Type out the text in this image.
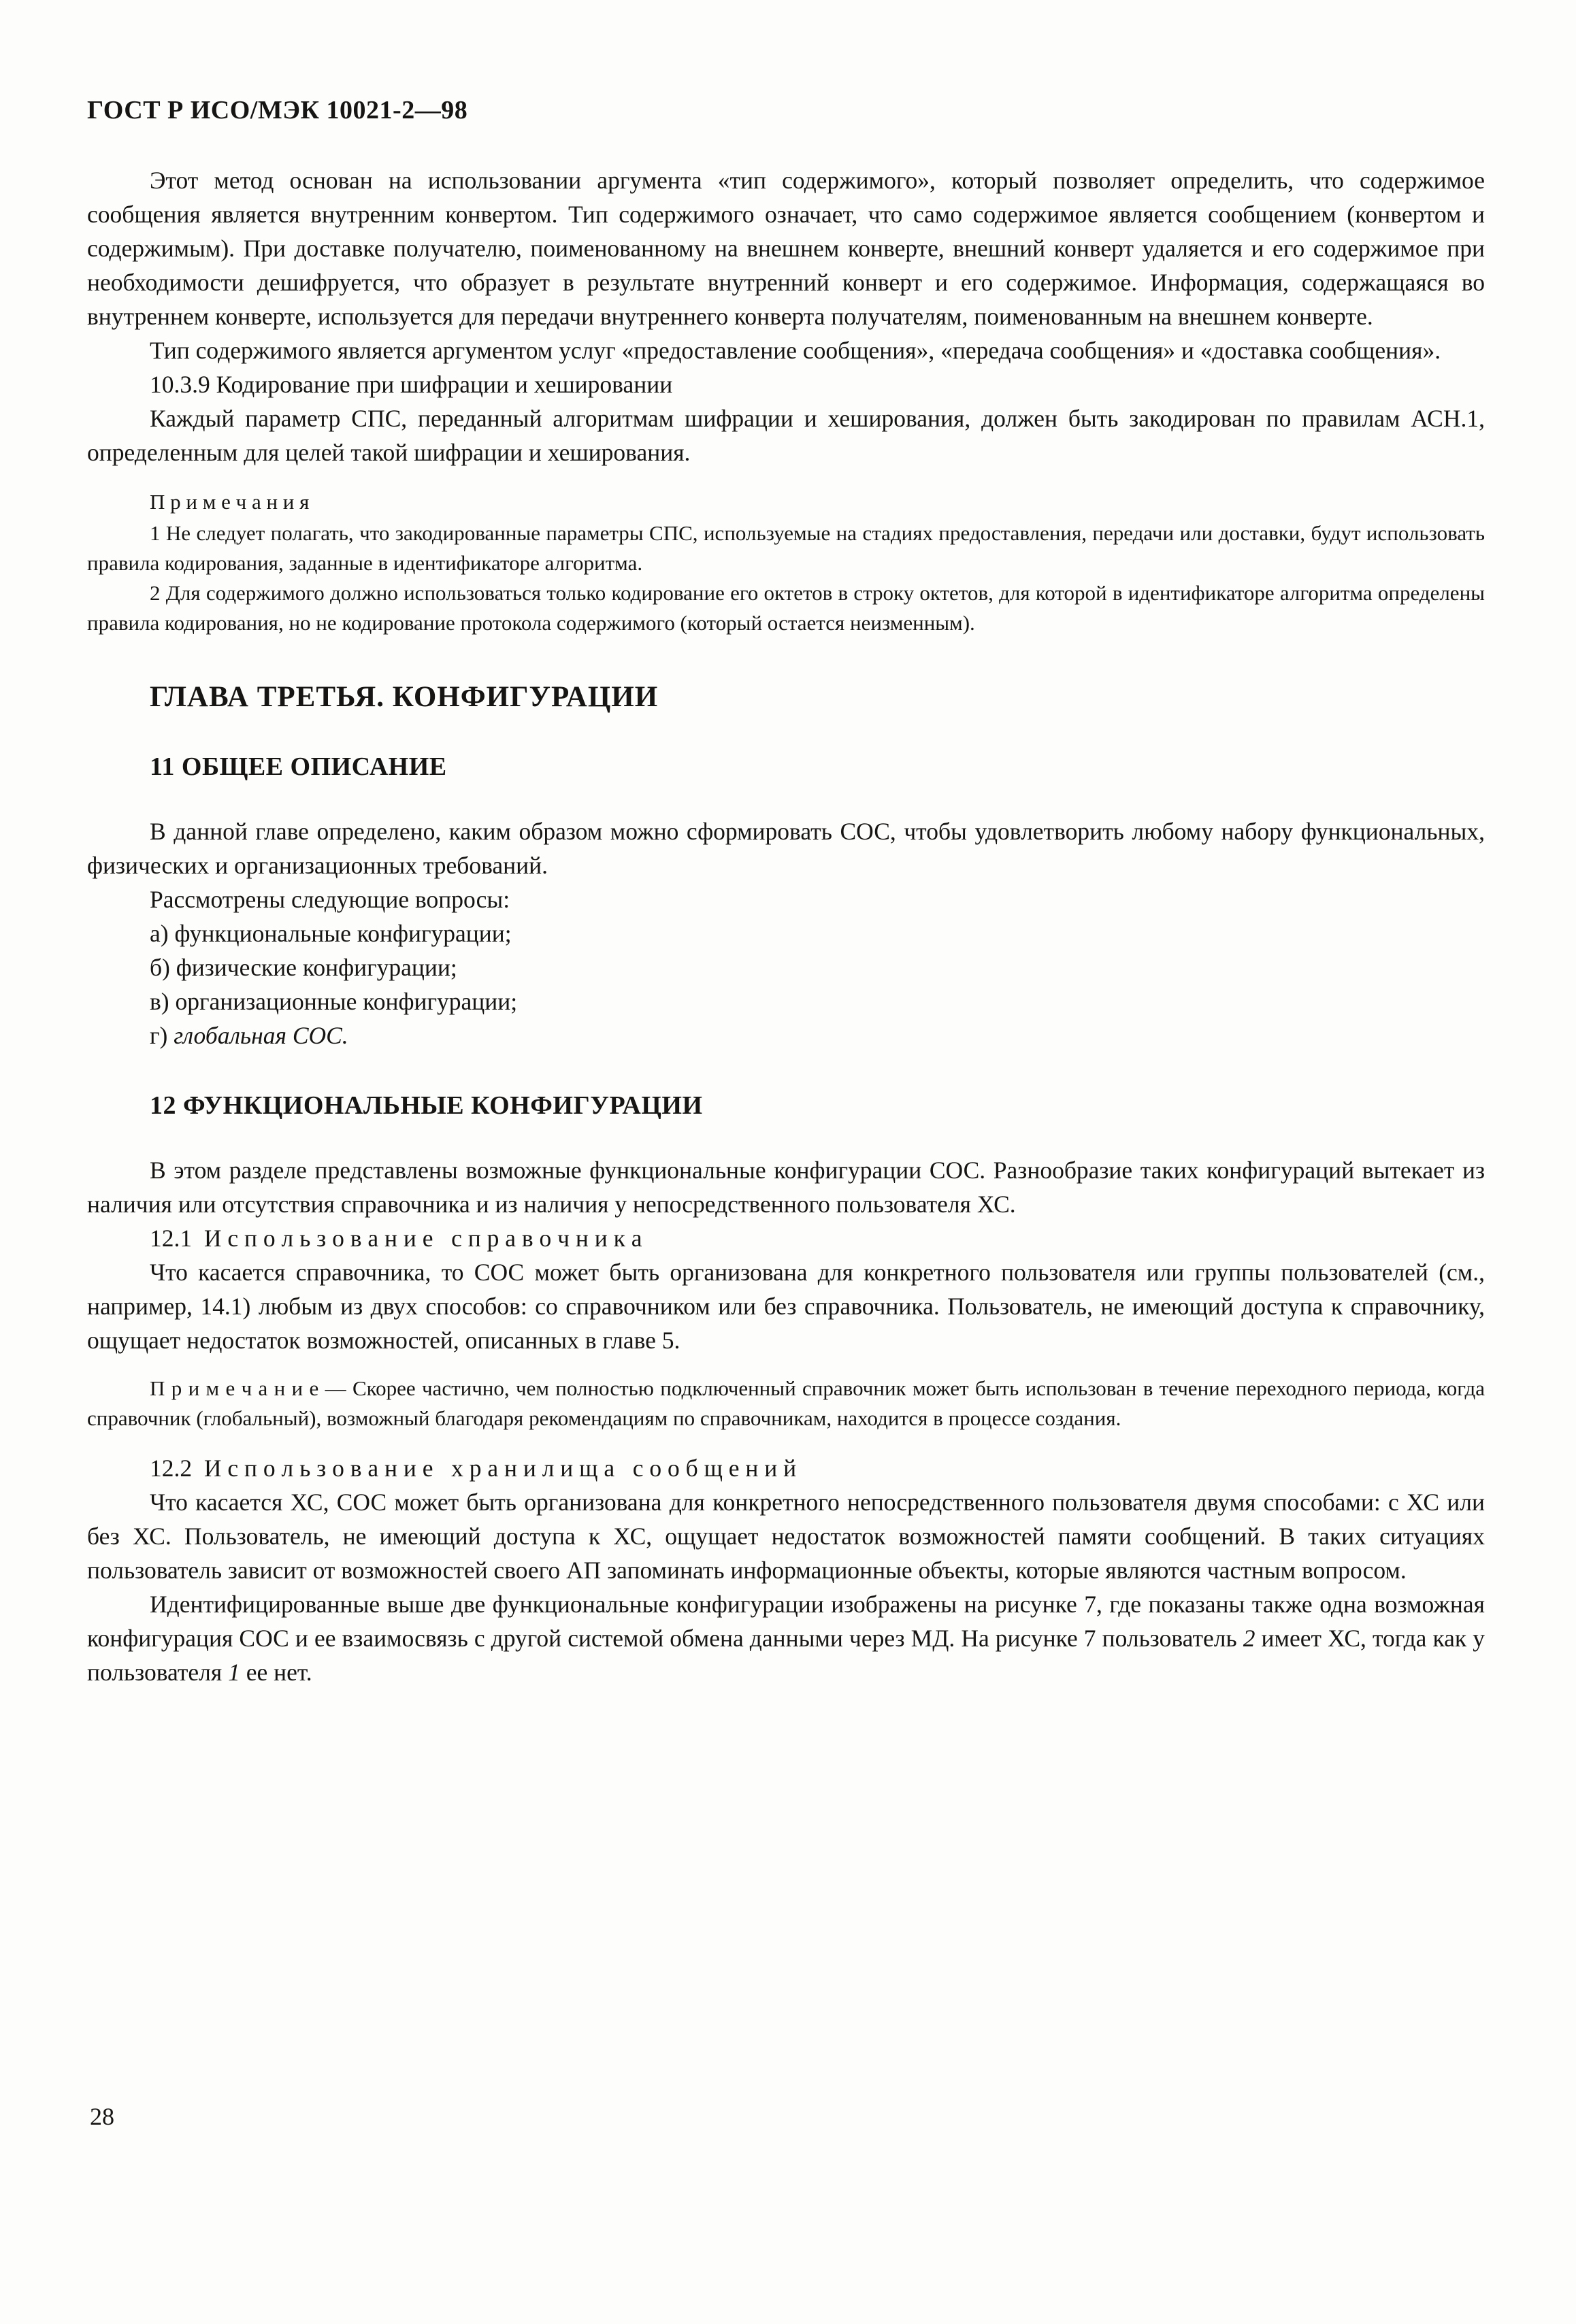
ГОСТ Р ИСО/МЭК 10021-2—98

Этот метод основан на использовании аргумента «тип содержимого», который позволяет определить, что содержимое сообщения является внутренним конвертом. Тип содержимого означает, что само содержимое является сообщением (конвертом и содержимым). При доставке получателю, поименованному на внешнем конверте, внешний конверт удаляется и его содержимое при необходимости дешифруется, что образует в результате внутренний конверт и его содержимое. Информация, содержащаяся во внутреннем конверте, используется для передачи внутреннего конверта получателям, поименованным на внешнем конверте.

Тип содержимого является аргументом услуг «предоставление сообщения», «передача сообщения» и «доставка сообщения».

10.3.9 Кодирование при шифрации и хешировании

Каждый параметр СПС, переданный алгоритмам шифрации и хеширования, должен быть закодирован по правилам АСН.1, определенным для целей такой шифрации и хеширования.

П р и м е ч а н и я

1 Не следует полагать, что закодированные параметры СПС, используемые на стадиях предоставления, передачи или доставки, будут использовать правила кодирования, заданные в идентификаторе алгоритма.

2 Для содержимого должно использоваться только кодирование его октетов в строку октетов, для которой в идентификаторе алгоритма определены правила кодирования, но не кодирование протокола содержимого (который остается неизменным).

ГЛАВА ТРЕТЬЯ. КОНФИГУРАЦИИ
11 ОБЩЕЕ ОПИСАНИЕ

В данной главе определено, каким образом можно сформировать СОС, чтобы удовлетворить любому набору функциональных, физических и организационных требований.

Рассмотрены следующие вопросы:

а) функциональные конфигурации;

б) физические конфигурации;

в) организационные конфигурации;

г) глобальная СОС.

12 ФУНКЦИОНАЛЬНЫЕ КОНФИГУРАЦИИ

В этом разделе представлены возможные функциональные конфигурации СОС. Разнообразие таких конфигураций вытекает из наличия или отсутствия справочника и из наличия у непосредственного пользователя ХС.

12.1  И с п о л ь з о в а н и е   с п р а в о ч н и к а

Что касается справочника, то СОС может быть организована для конкретного пользователя или группы пользователей (см., например, 14.1) любым из двух способов: со справочником или без справочника. Пользователь, не имеющий доступа к справочнику, ощущает недостаток возможностей, описанных в главе 5.

П р и м е ч а н и е — Скорее частично, чем полностью подключенный справочник может быть использован в течение переходного периода, когда справочник (глобальный), возможный благодаря рекомендациям по справочникам, находится в процессе создания.

12.2  И с п о л ь з о в а н и е   х р а н и л и щ а   с о о б щ е н и й

Что касается ХС, СОС может быть организована для конкретного непосредственного пользователя двумя способами: с ХС или без ХС. Пользователь, не имеющий доступа к ХС, ощущает недостаток возможностей памяти сообщений. В таких ситуациях пользователь зависит от возможностей своего АП запоминать информационные объекты, которые являются частным вопросом.

Идентифицированные выше две функциональные конфигурации изображены на рисунке 7, где показаны также одна возможная конфигурация СОС и ее взаимосвязь с другой системой обмена данными через МД. На рисунке 7 пользователь 2 имеет ХС, тогда как у пользователя 1 ее нет.

28
